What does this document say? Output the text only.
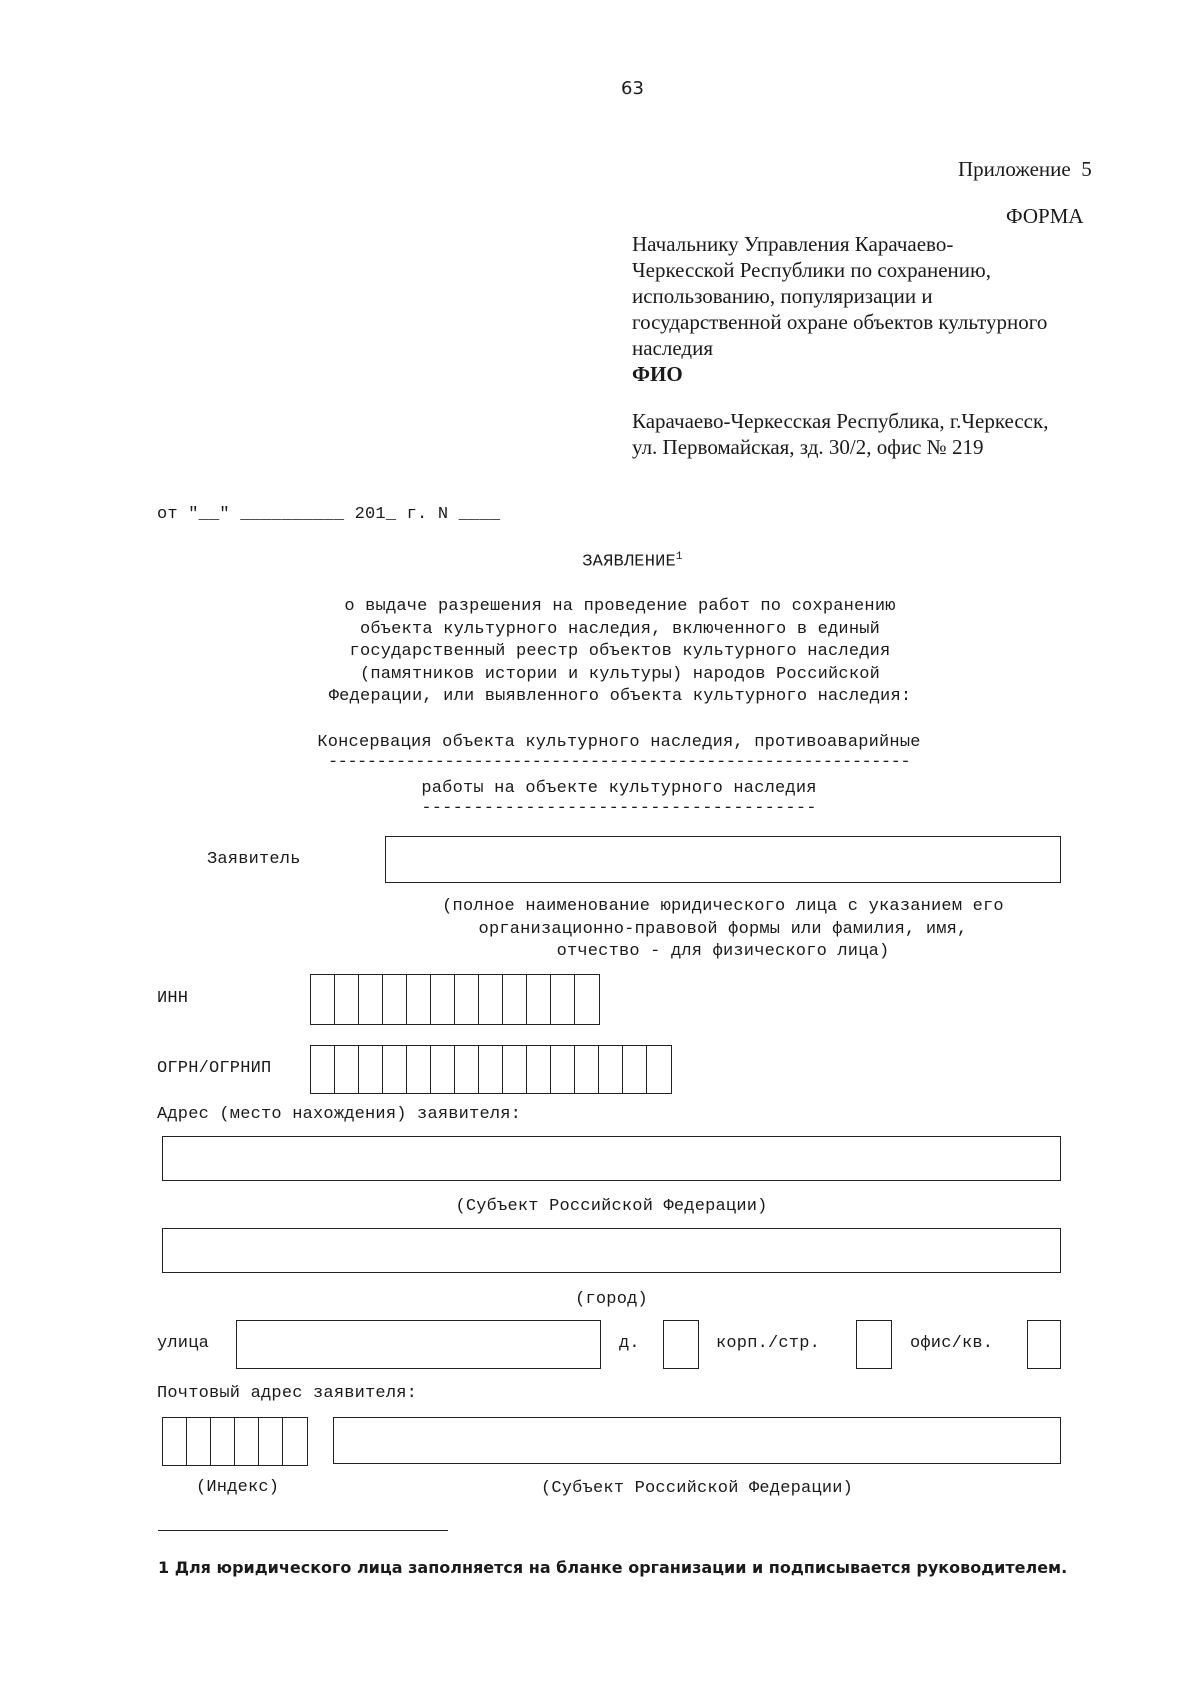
63
Приложение  5
ФОРМА
Начальнику Управления Карачаево-
Черкесской Республики по сохранению,
использованию, популяризации и
государственной охране объектов культурного
наследия
ФИО
Карачаево-Черкесская Республика, г.Черкесск,
ул. Первомайская, зд. 30/2, офис № 219
от "__" __________ 201_ г. N ____
ЗАЯВЛЕНИЕ$^1$
о выдаче разрешения на проведение работ по сохранению
объекта культурного наследия, включенного в единый
государственный реестр объектов культурного наследия
(памятников истории и культуры) народов Российской
Федерации, или выявленного объекта культурного наследия:
Консервация объекта культурного наследия, противоаварийные
------------------------------------------------------------
работы на объекте культурного наследия
--------------------------------------
Заявитель
(полное наименование юридического лица с указанием его
организационно-правовой формы или фамилия, имя,
отчество - для физического лица)
ИНН
ОГРН/ОГРНИП
Адрес (место нахождения) заявителя:
(Субъект Российской Федерации)
(город)
улица	д.	корп./стр.	офис/кв.
Почтовый адрес заявителя:
(Индекс)	(Субъект Российской Федерации)
1 Для юридического лица заполняется на бланке организации и подписывается руководителем.
